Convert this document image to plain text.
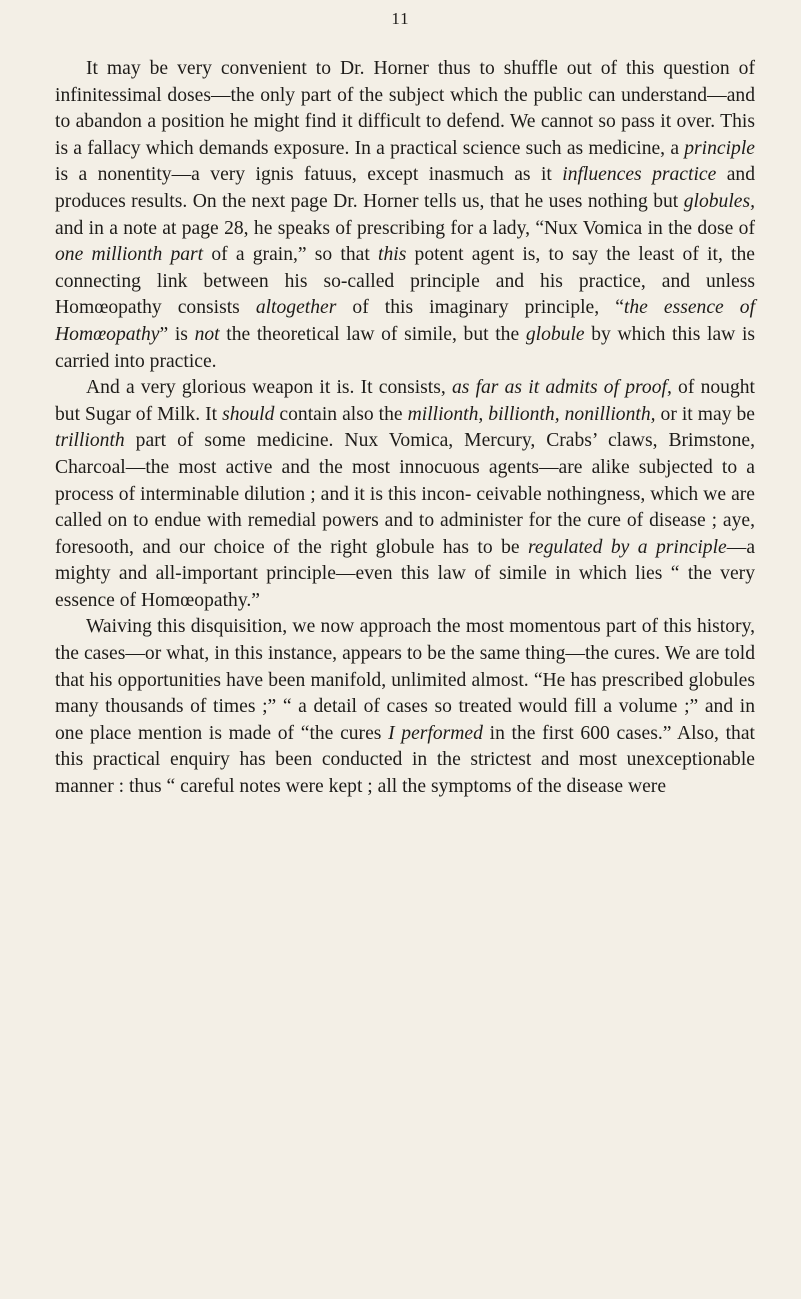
11

It may be very convenient to Dr. Horner thus to shuffle out of this question of infinitessimal doses—the only part of the subject which the public can understand—and to abandon a position he might find it difficult to defend. We cannot so pass it over. This is a fallacy which demands exposure. In a practical science such as medicine, a principle is a nonentity—a very ignis fatuus, except inasmuch as it influences practice and produces results. On the next page Dr. Horner tells us, that he uses nothing but globules, and in a note at page 28, he speaks of prescribing for a lady, “Nux Vomica in the dose of one millionth part of a grain,” so that this potent agent is, to say the least of it, the connecting link between his so-called principle and his practice, and unless Homœopathy consists altogether of this imaginary principle, “the essence of Homœopathy” is not the theoretical law of simile, but the globule by which this law is carried into practice.

And a very glorious weapon it is. It consists, as far as it admits of proof, of nought but Sugar of Milk. It should contain also the millionth, billionth, nonillionth, or it may be trillionth part of some medicine. Nux Vomica, Mercury, Crabs’ claws, Brimstone, Charcoal—the most active and the most innocuous agents—are alike subjected to a process of interminable dilution ; and it is this incon- ceivable nothingness, which we are called on to endue with remedial powers and to administer for the cure of disease ; aye, foresooth, and our choice of the right globule has to be regulated by a principle—a mighty and all-important principle—even this law of simile in which lies “ the very essence of Homœopathy.”

Waiving this disquisition, we now approach the most momentous part of this history, the cases—or what, in this instance, appears to be the same thing—the cures. We are told that his opportunities have been manifold, unlimited almost. “He has prescribed globules many thousands of times ;” “ a detail of cases so treated would fill a volume ;” and in one place mention is made of “the cures I performed in the first 600 cases.” Also, that this practical enquiry has been conducted in the strictest and most unexceptionable manner : thus “ careful notes were kept ; all the symptoms of the disease were
